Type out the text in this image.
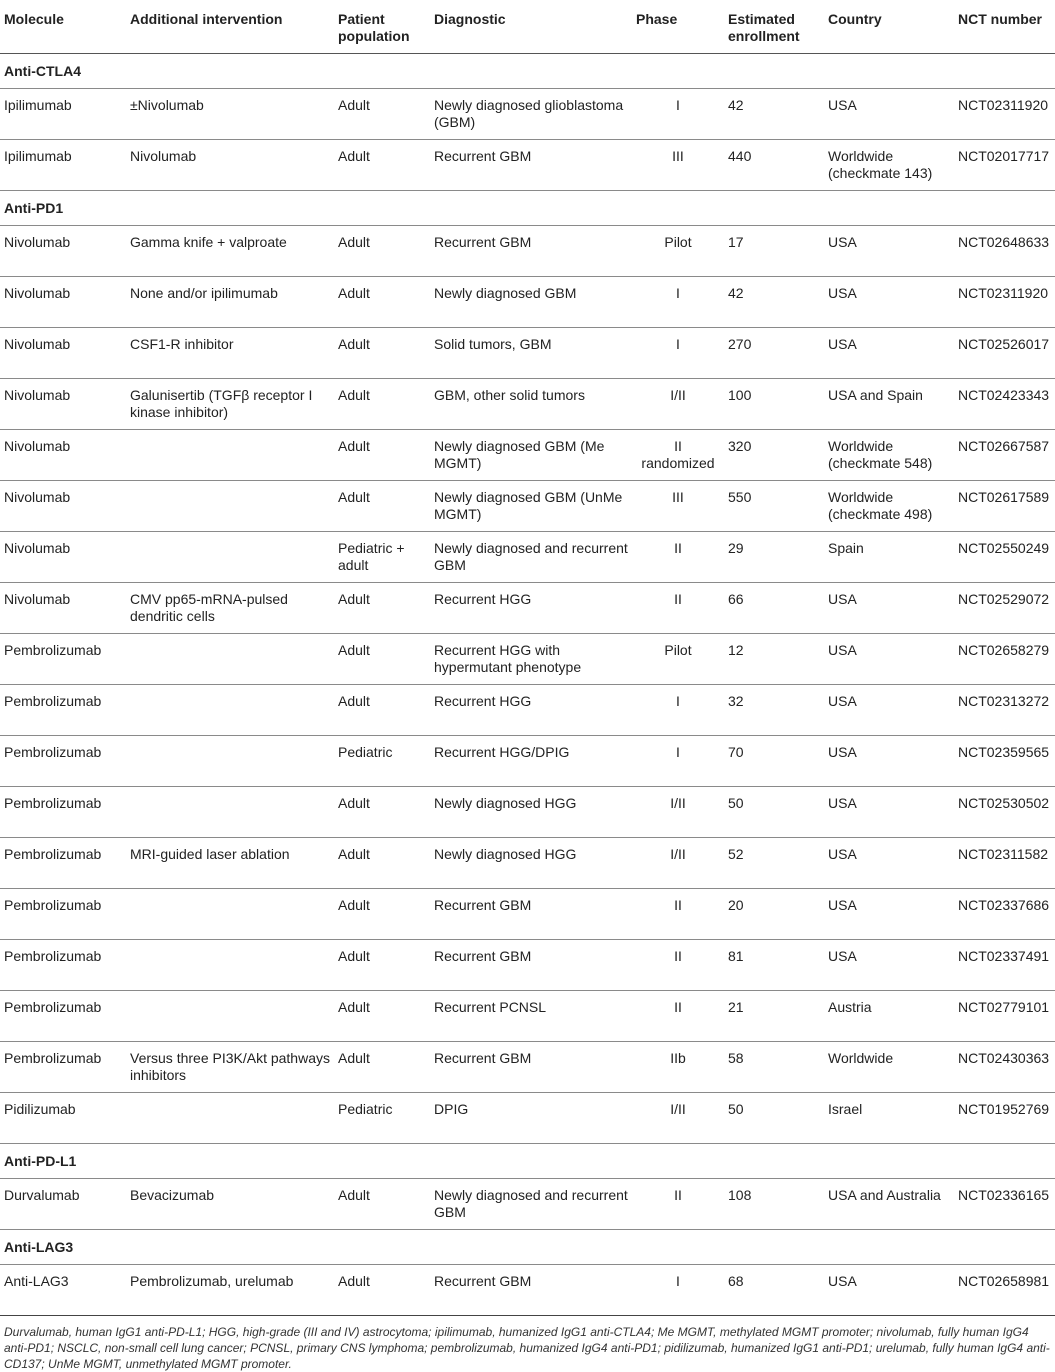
Molecule	Additional intervention	Patient population	Diagnostic	Phase	Estimated enrollment	Country	NCT number
Anti-CTLA4							
Ipilimumab	±Nivolumab	Adult	Newly diagnosed glioblastoma (GBM)	I	42	USA	NCT02311920
Ipilimumab	Nivolumab	Adult	Recurrent GBM	III	440	Worldwide (checkmate 143)	NCT02017717
Anti-PD1							
Nivolumab	Gamma knife + valproate	Adult	Recurrent GBM	Pilot	17	USA	NCT02648633
Nivolumab	None and/or ipilimumab	Adult	Newly diagnosed GBM	I	42	USA	NCT02311920
Nivolumab	CSF1-R inhibitor	Adult	Solid tumors, GBM	I	270	USA	NCT02526017
Nivolumab	Galunisertib (TGFβ receptor I kinase inhibitor)	Adult	GBM, other solid tumors	I/II	100	USA and Spain	NCT02423343
Nivolumab		Adult	Newly diagnosed GBM (Me MGMT)	II randomized	320	Worldwide (checkmate 548)	NCT02667587
Nivolumab		Adult	Newly diagnosed GBM (UnMe MGMT)	III	550	Worldwide (checkmate 498)	NCT02617589
Nivolumab		Pediatric + adult	Newly diagnosed and recurrent GBM	II	29	Spain	NCT02550249
Nivolumab	CMV pp65-mRNA-pulsed dendritic cells	Adult	Recurrent HGG	II	66	USA	NCT02529072
Pembrolizumab		Adult	Recurrent HGG with hypermutant phenotype	Pilot	12	USA	NCT02658279
Pembrolizumab		Adult	Recurrent HGG	I	32	USA	NCT02313272
Pembrolizumab		Pediatric	Recurrent HGG/DPIG	I	70	USA	NCT02359565
Pembrolizumab		Adult	Newly diagnosed HGG	I/II	50	USA	NCT02530502
Pembrolizumab	MRI-guided laser ablation	Adult	Newly diagnosed HGG	I/II	52	USA	NCT02311582
Pembrolizumab		Adult	Recurrent GBM	II	20	USA	NCT02337686
Pembrolizumab		Adult	Recurrent GBM	II	81	USA	NCT02337491
Pembrolizumab		Adult	Recurrent PCNSL	II	21	Austria	NCT02779101
Pembrolizumab	Versus three PI3K/Akt pathways inhibitors	Adult	Recurrent GBM	IIb	58	Worldwide	NCT02430363
Pidilizumab		Pediatric	DPIG	I/II	50	Israel	NCT01952769
Anti-PD-L1							
Durvalumab	Bevacizumab	Adult	Newly diagnosed and recurrent GBM	II	108	USA and Australia	NCT02336165
Anti-LAG3							
Anti-LAG3	Pembrolizumab, urelumab	Adult	Recurrent GBM	I	68	USA	NCT02658981

Durvalumab, human IgG1 anti-PD-L1; HGG, high-grade (III and IV) astrocytoma; ipilimumab, humanized IgG1 anti-CTLA4; Me MGMT, methylated MGMT promoter; nivolumab, fully human IgG4 anti-PD1; NSCLC, non-small cell lung cancer; PCNSL, primary CNS lymphoma; pembrolizumab, humanized IgG4 anti-PD1; pidilizumab, humanized IgG1 anti-PD1; urelumab, fully human IgG4 anti-CD137; UnMe MGMT, unmethylated MGMT promoter.
